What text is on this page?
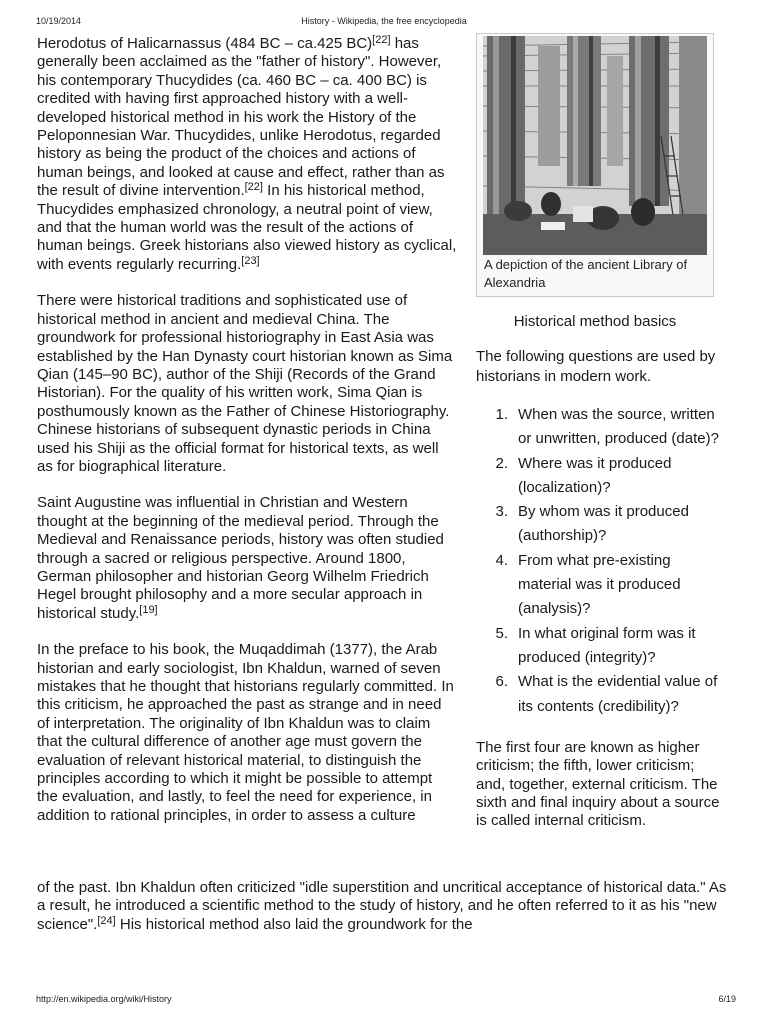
10/19/2014	History - Wikipedia, the free encyclopedia

Herodotus of Halicarnassus (484 BC – ca.425 BC)[22] has generally been acclaimed as the "father of history". However, his contemporary Thucydides (ca. 460 BC – ca. 400 BC) is credited with having first approached history with a well-developed historical method in his work the History of the Peloponnesian War. Thucydides, unlike Herodotus, regarded history as being the product of the choices and actions of human beings, and looked at cause and effect, rather than as the result of divine intervention.[22] In his historical method, Thucydides emphasized chronology, a neutral point of view, and that the human world was the result of the actions of human beings. Greek historians also viewed history as cyclical, with events regularly recurring.[23]

There were historical traditions and sophisticated use of historical method in ancient and medieval China. The groundwork for professional historiography in East Asia was established by the Han Dynasty court historian known as Sima Qian (145–90 BC), author of the Shiji (Records of the Grand Historian). For the quality of his written work, Sima Qian is posthumously known as the Father of Chinese Historiography. Chinese historians of subsequent dynastic periods in China used his Shiji as the official format for historical texts, as well as for biographical literature.

Saint Augustine was influential in Christian and Western thought at the beginning of the medieval period. Through the Medieval and Renaissance periods, history was often studied through a sacred or religious perspective. Around 1800, German philosopher and historian Georg Wilhelm Friedrich Hegel brought philosophy and a more secular approach in historical study.[19]

In the preface to his book, the Muqaddimah (1377), the Arab historian and early sociologist, Ibn Khaldun, warned of seven mistakes that he thought that historians regularly committed. In this criticism, he approached the past as strange and in need of interpretation. The originality of Ibn Khaldun was to claim that the cultural difference of another age must govern the evaluation of relevant historical material, to distinguish the principles according to which it might be possible to attempt the evaluation, and lastly, to feel the need for experience, in addition to rational principles, in order to assess a culture

of the past. Ibn Khaldun often criticized "idle superstition and uncritical acceptance of historical data." As a result, he introduced a scientific method to the study of history, and he often referred to it as his "new science".[24] His historical method also laid the groundwork for the
A depiction of the ancient Library of Alexandria
Historical method basics

The following questions are used by historians in modern work.

1. When was the source, written or unwritten, produced (date)?
2. Where was it produced (localization)?
3. By whom was it produced (authorship)?
4. From what pre-existing material was it produced (analysis)?
5. In what original form was it produced (integrity)?
6. What is the evidential value of its contents (credibility)?

The first four are known as higher criticism; the fifth, lower criticism; and, together, external criticism. The sixth and final inquiry about a source is called internal criticism.

http://en.wikipedia.org/wiki/History	6/19
